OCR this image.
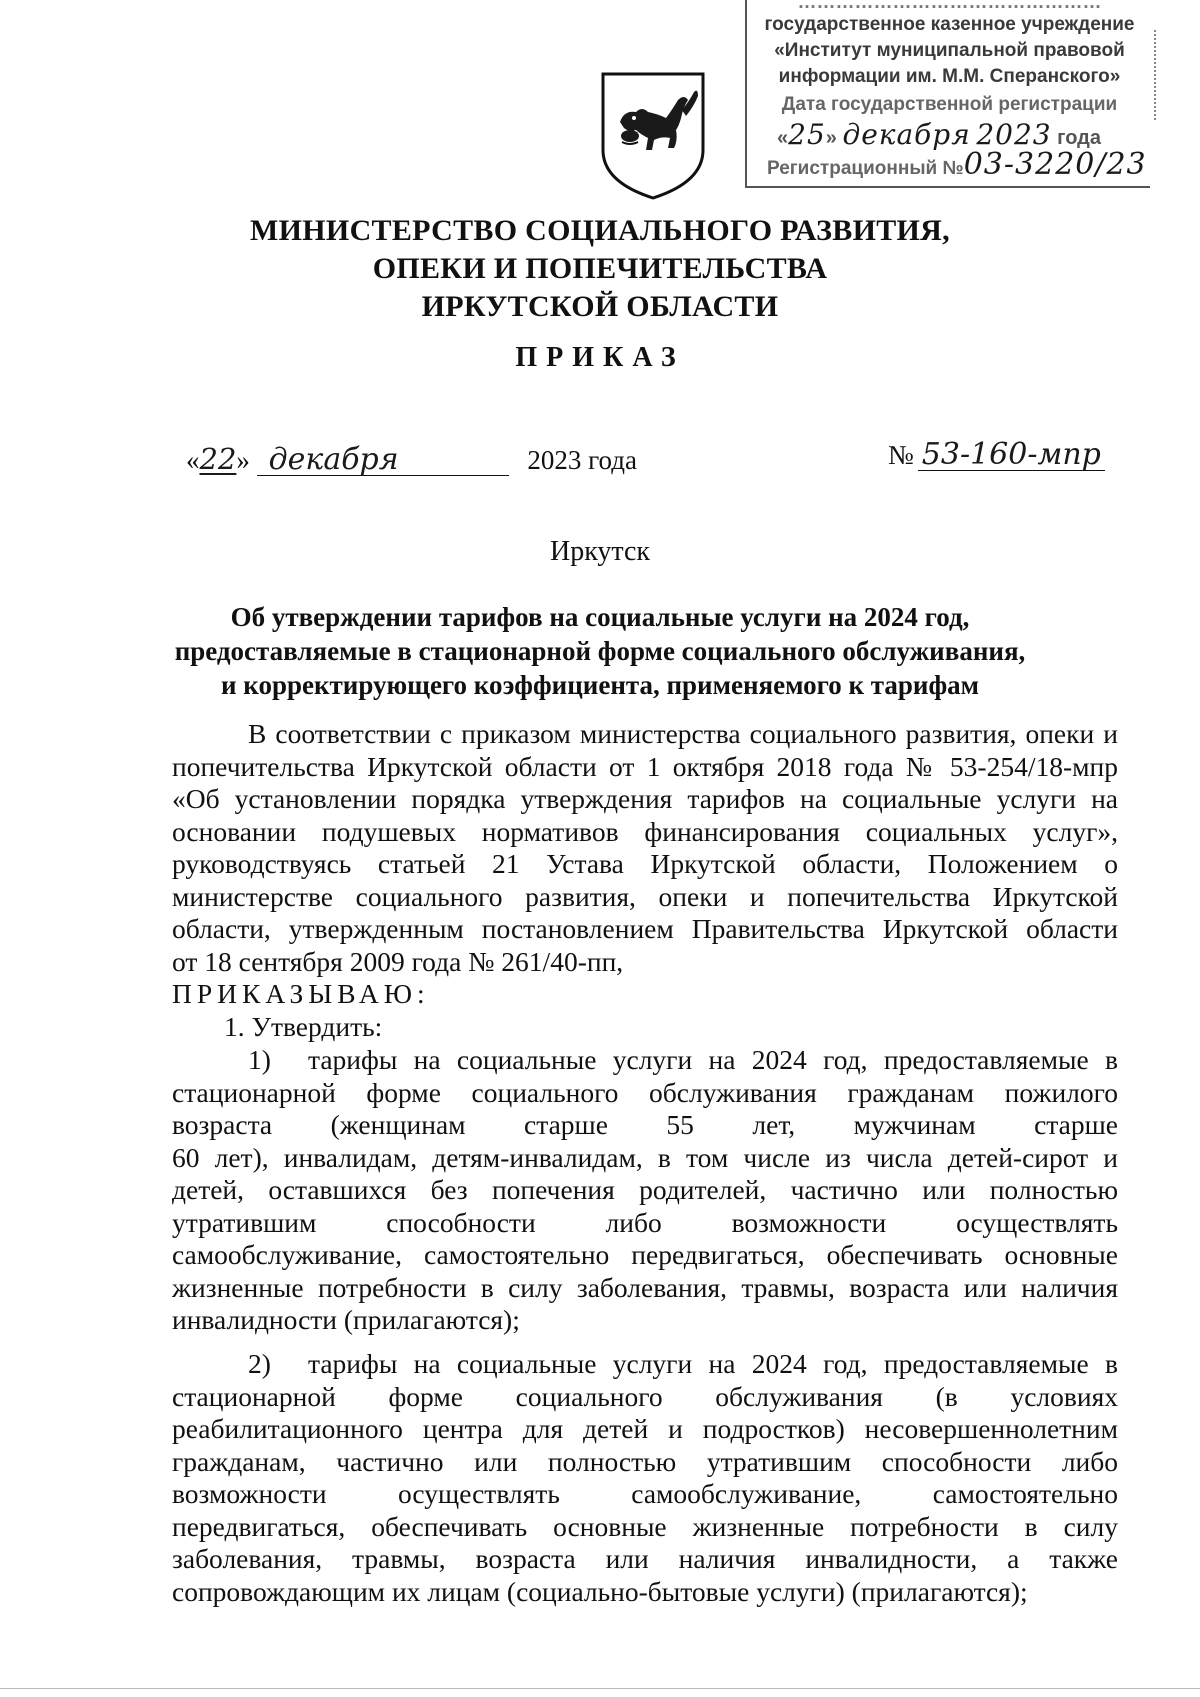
…………………………………………
государственное казенное учреждение
«Институт муниципальной правовой
информации им. М.М. Сперанского»
Дата государственной регистрации
«25» декабря 2023 года
Регистрационный №03-3220/23
МИНИСТЕРСТВО СОЦИАЛЬНОГО РАЗВИТИЯ,
ОПЕКИ И ПОПЕЧИТЕЛЬСТВА
ИРКУТСКОЙ ОБЛАСТИ
ПРИКАЗ
«22» декабря	2023 года	№ 53-160-мпр
Иркутск
Об утверждении тарифов на социальные услуги на 2024 год,
предоставляемые в стационарной форме социального обслуживания,
и корректирующего коэффициента, применяемого к тарифам
В соответствии с приказом министерства социального развития, опеки и
попечительства Иркутской области от 1 октября 2018 года № 53-254/18-мпр
«Об установлении порядка утверждения тарифов на социальные услуги на
основании подушевых нормативов финансирования социальных услуг»,
руководствуясь статьей 21 Устава Иркутской области, Положением о
министерстве социального развития, опеки и попечительства Иркутской
области, утвержденным постановлением Правительства Иркутской области
от 18 сентября 2009 года № 261/40-пп,
ПРИКАЗЫВАЮ:
1. Утвердить:
1) тарифы на социальные услуги на 2024 год, предоставляемые в
стационарной форме социального обслуживания гражданам пожилого
возраста (женщинам старше 55 лет, мужчинам старше
60 лет), инвалидам, детям-инвалидам, в том числе из числа детей-сирот и
детей, оставшихся без попечения родителей, частично или полностью
утратившим способности либо возможности осуществлять
самообслуживание, самостоятельно передвигаться, обеспечивать основные
жизненные потребности в силу заболевания, травмы, возраста или наличия
инвалидности (прилагаются);
2) тарифы на социальные услуги на 2024 год, предоставляемые в
стационарной форме социального обслуживания (в условиях
реабилитационного центра для детей и подростков) несовершеннолетним
гражданам, частично или полностью утратившим способности либо
возможности осуществлять самообслуживание, самостоятельно
передвигаться, обеспечивать основные жизненные потребности в силу
заболевания, травмы, возраста или наличия инвалидности, а также
сопровождающим их лицам (социально-бытовые услуги) (прилагаются);
